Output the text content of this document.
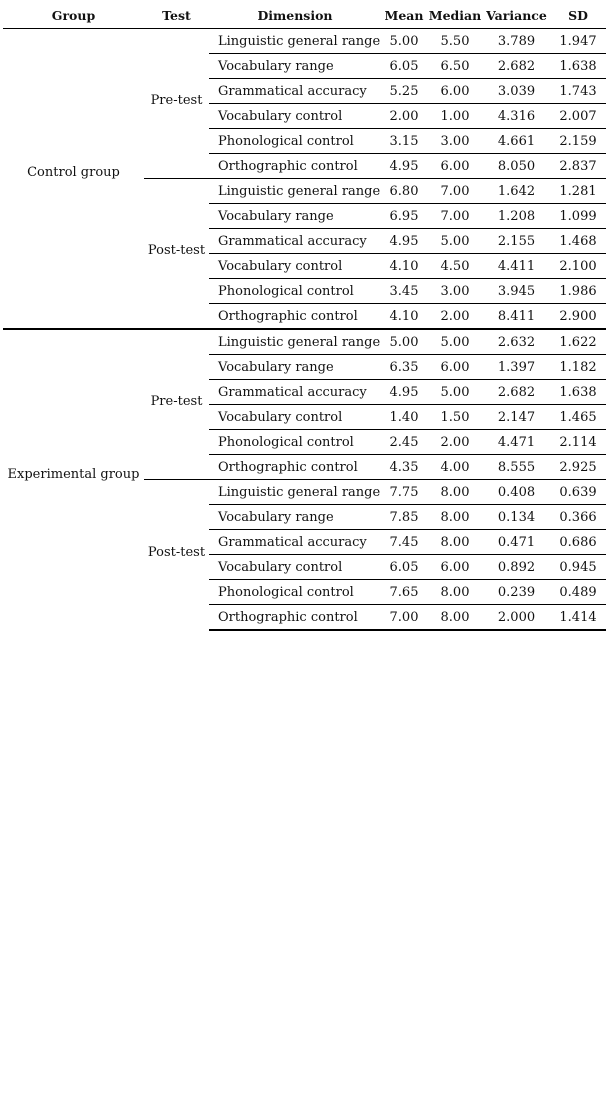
Group	Test	Dimension	Mean	Median	Variance	SD
Control group	Pre-test	Linguistic general range	5.00	5.50	3.789	1.947
		Vocabulary range	6.05	6.50	2.682	1.638
		Grammatical accuracy	5.25	6.00	3.039	1.743
		Vocabulary control	2.00	1.00	4.316	2.007
		Phonological control	3.15	3.00	4.661	2.159
		Orthographic control	4.95	6.00	8.050	2.837
	Post-test	Linguistic general range	6.80	7.00	1.642	1.281
		Vocabulary range	6.95	7.00	1.208	1.099
		Grammatical accuracy	4.95	5.00	2.155	1.468
		Vocabulary control	4.10	4.50	4.411	2.100
		Phonological control	3.45	3.00	3.945	1.986
		Orthographic control	4.10	2.00	8.411	2.900
Experimental group	Pre-test	Linguistic general range	5.00	5.00	2.632	1.622
		Vocabulary range	6.35	6.00	1.397	1.182
		Grammatical accuracy	4.95	5.00	2.682	1.638
		Vocabulary control	1.40	1.50	2.147	1.465
		Phonological control	2.45	2.00	4.471	2.114
		Orthographic control	4.35	4.00	8.555	2.925
	Post-test	Linguistic general range	7.75	8.00	0.408	0.639
		Vocabulary range	7.85	8.00	0.134	0.366
		Grammatical accuracy	7.45	8.00	0.471	0.686
		Vocabulary control	6.05	6.00	0.892	0.945
		Phonological control	7.65	8.00	0.239	0.489
		Orthographic control	7.00	8.00	2.000	1.414
